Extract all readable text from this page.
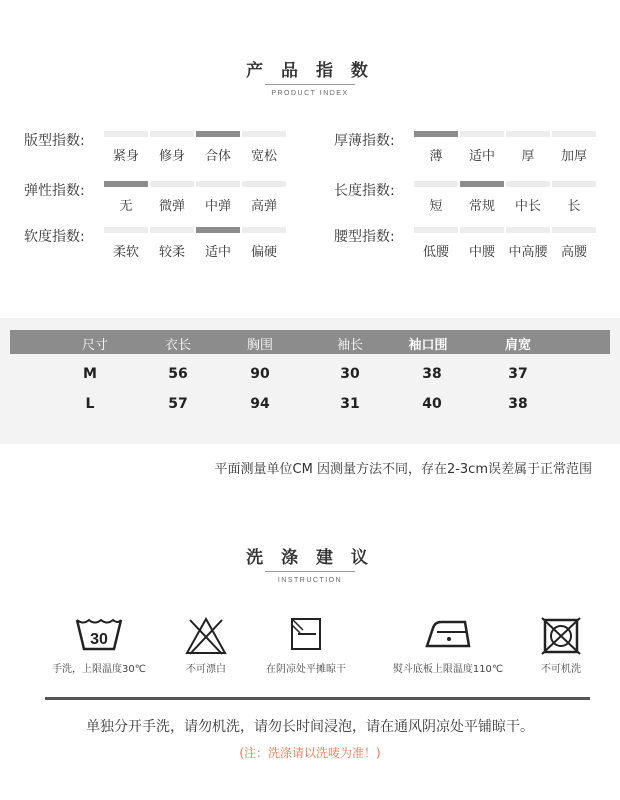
产 品 指 数
PRODUCT INDEX
版型指数:
紧身	修身	合体	宽松
弹性指数:
无	微弹	中弹	高弹
软度指数:
柔软	较柔	适中	偏硬
厚薄指数:
薄	适中	厚	加厚
长度指数:
短	常规	中长	长
腰型指数:
低腰	中腰	中高腰	高腰
尺寸	衣长	胸围	袖长	袖口围	肩宽
M	56	90	30	38	37
L	57	94	31	40	38
平面测量单位CM 因测量方法不同，存在2-3cm误差属于正常范围
洗 涤 建 议
INSTRUCTION
30
手洗，上限温度30℃	不可漂白	在阴凉处平摊晾干	熨斗底板上限温度110℃	不可机洗
单独分开手洗，请勿机洗，请勿长时间浸泡，请在通风阴凉处平铺晾干。
(注：洗涤请以洗唛为准！)
